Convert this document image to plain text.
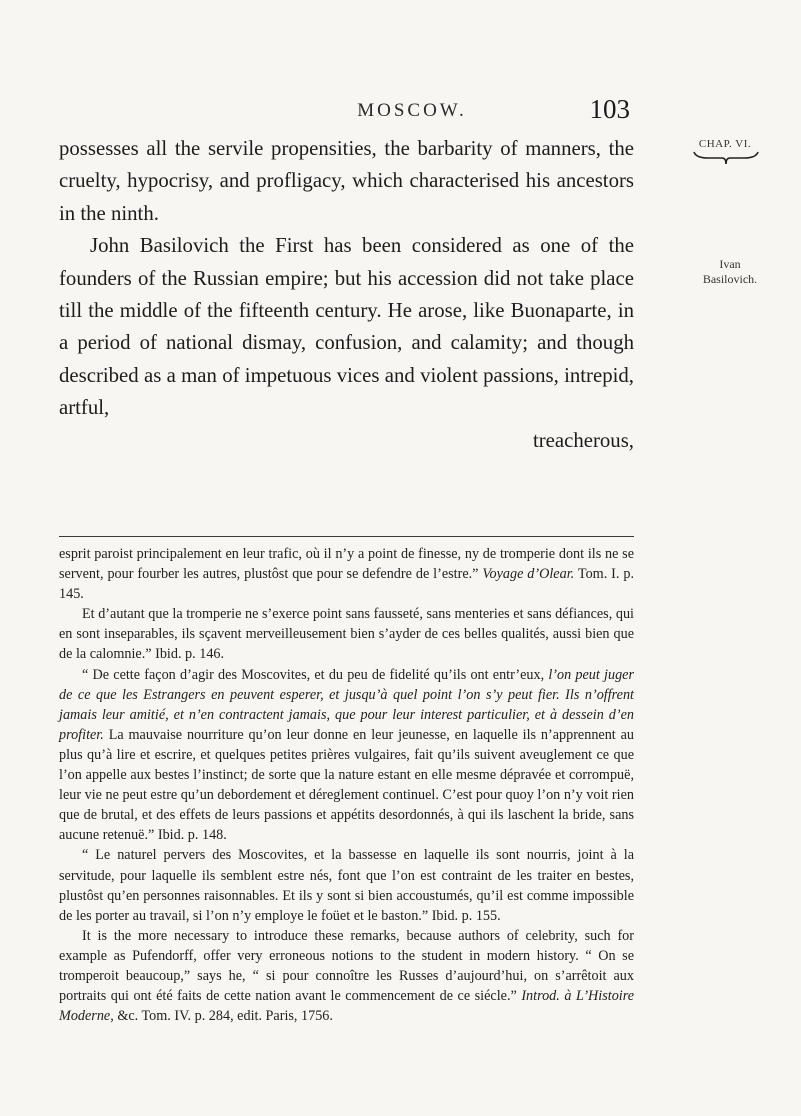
MOSCOW.	103
CHAP. VI.
Ivan
Basilovich.

possesses all the servile propensities, the barbarity of manners, the cruelty, hypocrisy, and profligacy, which characterised his ancestors in the ninth.

John Basilovich the First has been considered as one of the founders of the Russian empire; but his accession did not take place till the middle of the fifteenth century. He arose, like Buonaparte, in a period of national dismay, confusion, and calamity; and though described as a man of impetuous vices and violent passions, intrepid, artful,

treacherous,

esprit paroist principalement en leur trafic, où il n’y a point de finesse, ny de tromperie dont ils ne se servent, pour fourber les autres, plustôst que pour se defendre de l’estre.” Voyage d’Olear. Tom. I. p. 145.

Et d’autant que la tromperie ne s’exerce point sans fausseté, sans menteries et sans défiances, qui en sont inseparables, ils sçavent merveilleusement bien s’ayder de ces belles qualités, aussi bien que de la calomnie.” Ibid. p. 146.

“ De cette façon d’agir des Moscovites, et du peu de fidelité qu’ils ont entr’eux, l’on peut juger de ce que les Estrangers en peuvent esperer, et jusqu’à quel point l’on s’y peut fier. Ils n’offrent jamais leur amitié, et n’en contractent jamais, que pour leur interest particulier, et à dessein d’en profiter. La mauvaise nourriture qu’on leur donne en leur jeunesse, en laquelle ils n’apprennent au plus qu’à lire et escrire, et quelques petites prières vulgaires, fait qu’ils suivent aveuglement ce que l’on appelle aux bestes l’instinct; de sorte que la nature estant en elle mesme dépravée et corrompuë, leur vie ne peut estre qu’un debordement et déreglement continuel. C’est pour quoy l’on n’y voit rien que de brutal, et des effets de leurs passions et appétits desordonnés, à qui ils laschent la bride, sans aucune retenuë.” Ibid. p. 148.

“ Le naturel pervers des Moscovites, et la bassesse en laquelle ils sont nourris, joint à la servitude, pour laquelle ils semblent estre nés, font que l’on est contraint de les traiter en bestes, plustôst qu’en personnes raisonnables. Et ils y sont si bien accoustumés, qu’il est comme impossible de les porter au travail, si l’on n’y employe le foüet et le baston.” Ibid. p. 155.

It is the more necessary to introduce these remarks, because authors of celebrity, such for example as Pufendorff, offer very erroneous notions to the student in modern history. “ On se tromperoit beaucoup,” says he, “ si pour connoître les Russes d’aujourd’hui, on s’arrêtoit aux portraits qui ont été faits de cette nation avant le commencement de ce siécle.” Introd. à L’Histoire Moderne, &c. Tom. IV. p. 284, edit. Paris, 1756.
